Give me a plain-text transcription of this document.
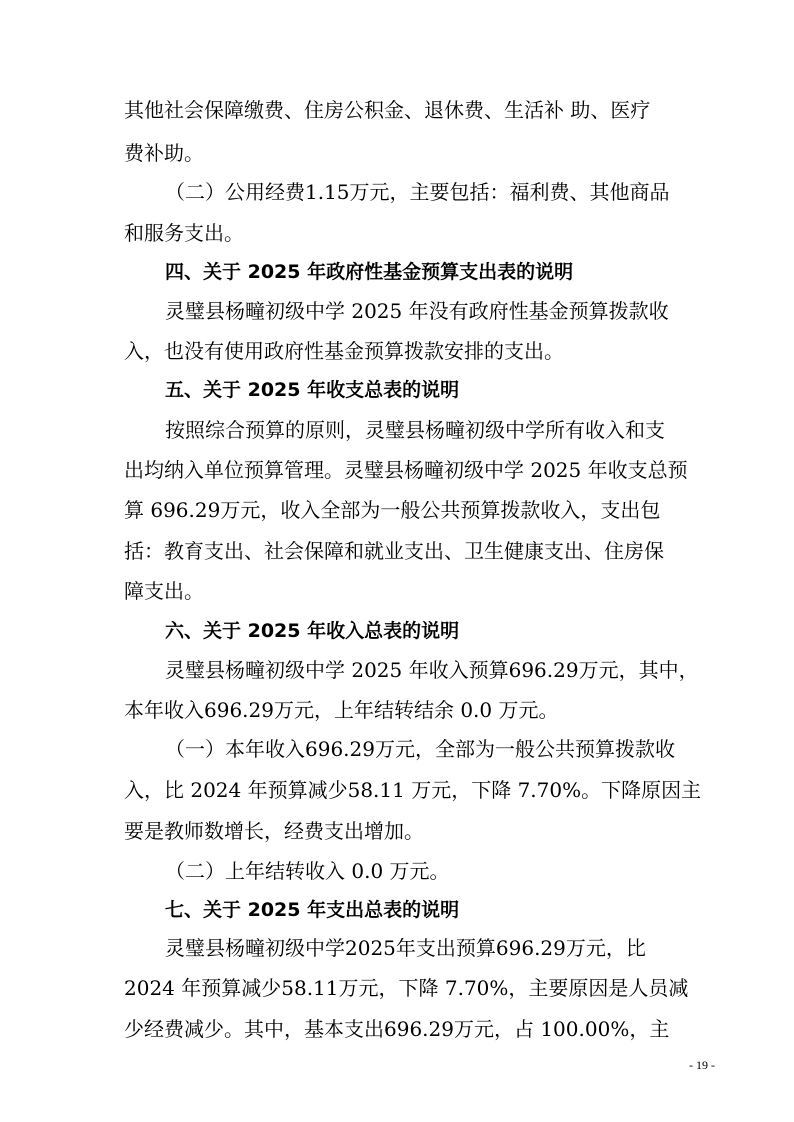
其他社会保障缴费、住房公积金、退休费、生活补 助、医疗
费补助。
（二）公用经费1.15万元，主要包括：福利费、其他商品
和服务支出。
四、关于 2025 年政府性基金预算支出表的说明
灵璧县杨疃初级中学 2025 年没有政府性基金预算拨款收
入，也没有使用政府性基金预算拨款安排的支出。
五、关于 2025 年收支总表的说明
按照综合预算的原则，灵璧县杨疃初级中学所有收入和支
出均纳入单位预算管理。灵璧县杨疃初级中学 2025 年收支总预
算 696.29万元，收入全部为一般公共预算拨款收入，支出包
括：教育支出、社会保障和就业支出、卫生健康支出、住房保
障支出。
六、关于 2025 年收入总表的说明
灵璧县杨疃初级中学 2025 年收入预算696.29万元，其中，
本年收入696.29万元，上年结转结余 0.0 万元。
（一）本年收入696.29万元，全部为一般公共预算拨款收
入，比 2024 年预算减少58.11 万元，下降 7.70%。下降原因主
要是教师数增长，经费支出增加。
（二）上年结转收入 0.0 万元。
七、关于 2025 年支出总表的说明
灵璧县杨疃初级中学2025年支出预算696.29万元，比
2024 年预算减少58.11万元，下降 7.70%，主要原因是人员减
少经费减少。其中，基本支出696.29万元，占 100.00%，主
- 19 -
